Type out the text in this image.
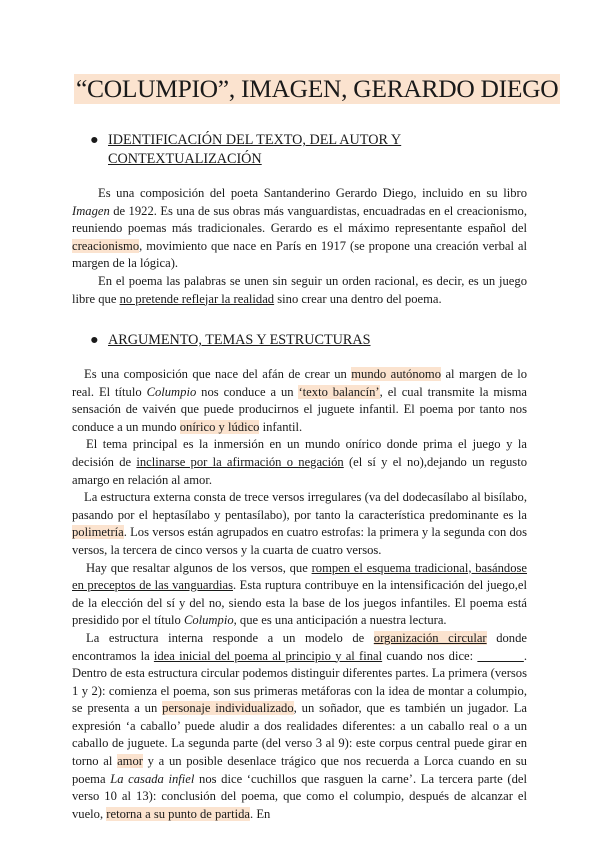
“COLUMPIO”, IMAGEN, GERARDO DIEGO
● IDENTIFICACIÓN DEL TEXTO, DEL AUTOR Y CONTEXTUALIZACIÓN

Es una composición del poeta Santanderino Gerardo Diego, incluido en su libro Imagen de 1922. Es una de sus obras más vanguardistas, encuadradas en el creacionismo, reuniendo poemas más tradicionales. Gerardo es el máximo representante español del creacionismo, movimiento que nace en París en 1917 (se propone una creación verbal al margen de la lógica).

En el poema las palabras se unen sin seguir un orden racional, es decir, es un juego libre que no pretende reflejar la realidad sino crear una dentro del poema.

● ARGUMENTO, TEMAS Y ESTRUCTURAS

Es una composición que nace del afán de crear un mundo autónomo al margen de lo real. El título Columpio nos conduce a un ‘texto balancín’, el cual transmite la misma sensación de vaivén que puede producirnos el juguete infantil. El poema por tanto nos conduce a un mundo onírico y lúdico infantil.

El tema principal es la inmersión en un mundo onírico donde prima el juego y la decisión de inclinarse por la afirmación o negación (el sí y el no),dejando un regusto amargo en relación al amor.

La estructura externa consta de trece versos irregulares (va del dodecasílabo al bisílabo, pasando por el heptasílabo y pentasílabo), por tanto la característica predominante es la polimetría. Los versos están agrupados en cuatro estrofas: la primera y la segunda con dos versos, la tercera de cinco versos y la cuarta de cuatro versos.

Hay que resaltar algunos de los versos, que rompen el esquema tradicional, basándose en preceptos de las vanguardias. Esta ruptura contribuye en la intensificación del juego,el de la elección del sí y del no, siendo esta la base de los juegos infantiles. El poema está presidido por el título Columpio, que es una anticipación a nuestra lectura.

La estructura interna responde a un modelo de organización circular donde encontramos la idea inicial del poema al principio y al final cuando nos dice:	. Dentro de esta estructura circular podemos distinguir diferentes partes. La primera (versos 1 y 2): comienza el poema, son sus primeras metáforas con la idea de montar a columpio, se presenta a un personaje individualizado, un soñador, que es también un jugador. La expresión ‘a caballo’ puede aludir a dos realidades diferentes: a un caballo real o a un caballo de juguete. La segunda parte (del verso 3 al 9): este corpus central puede girar en torno al amor y a un posible desenlace trágico que nos recuerda a Lorca cuando en su poema La casada infiel nos dice ‘cuchillos que rasguen la carne’. La tercera parte (del verso 10 al 13): conclusión del poema, que como el columpio, después de alcanzar el vuelo, retorna a su punto de partida. En
